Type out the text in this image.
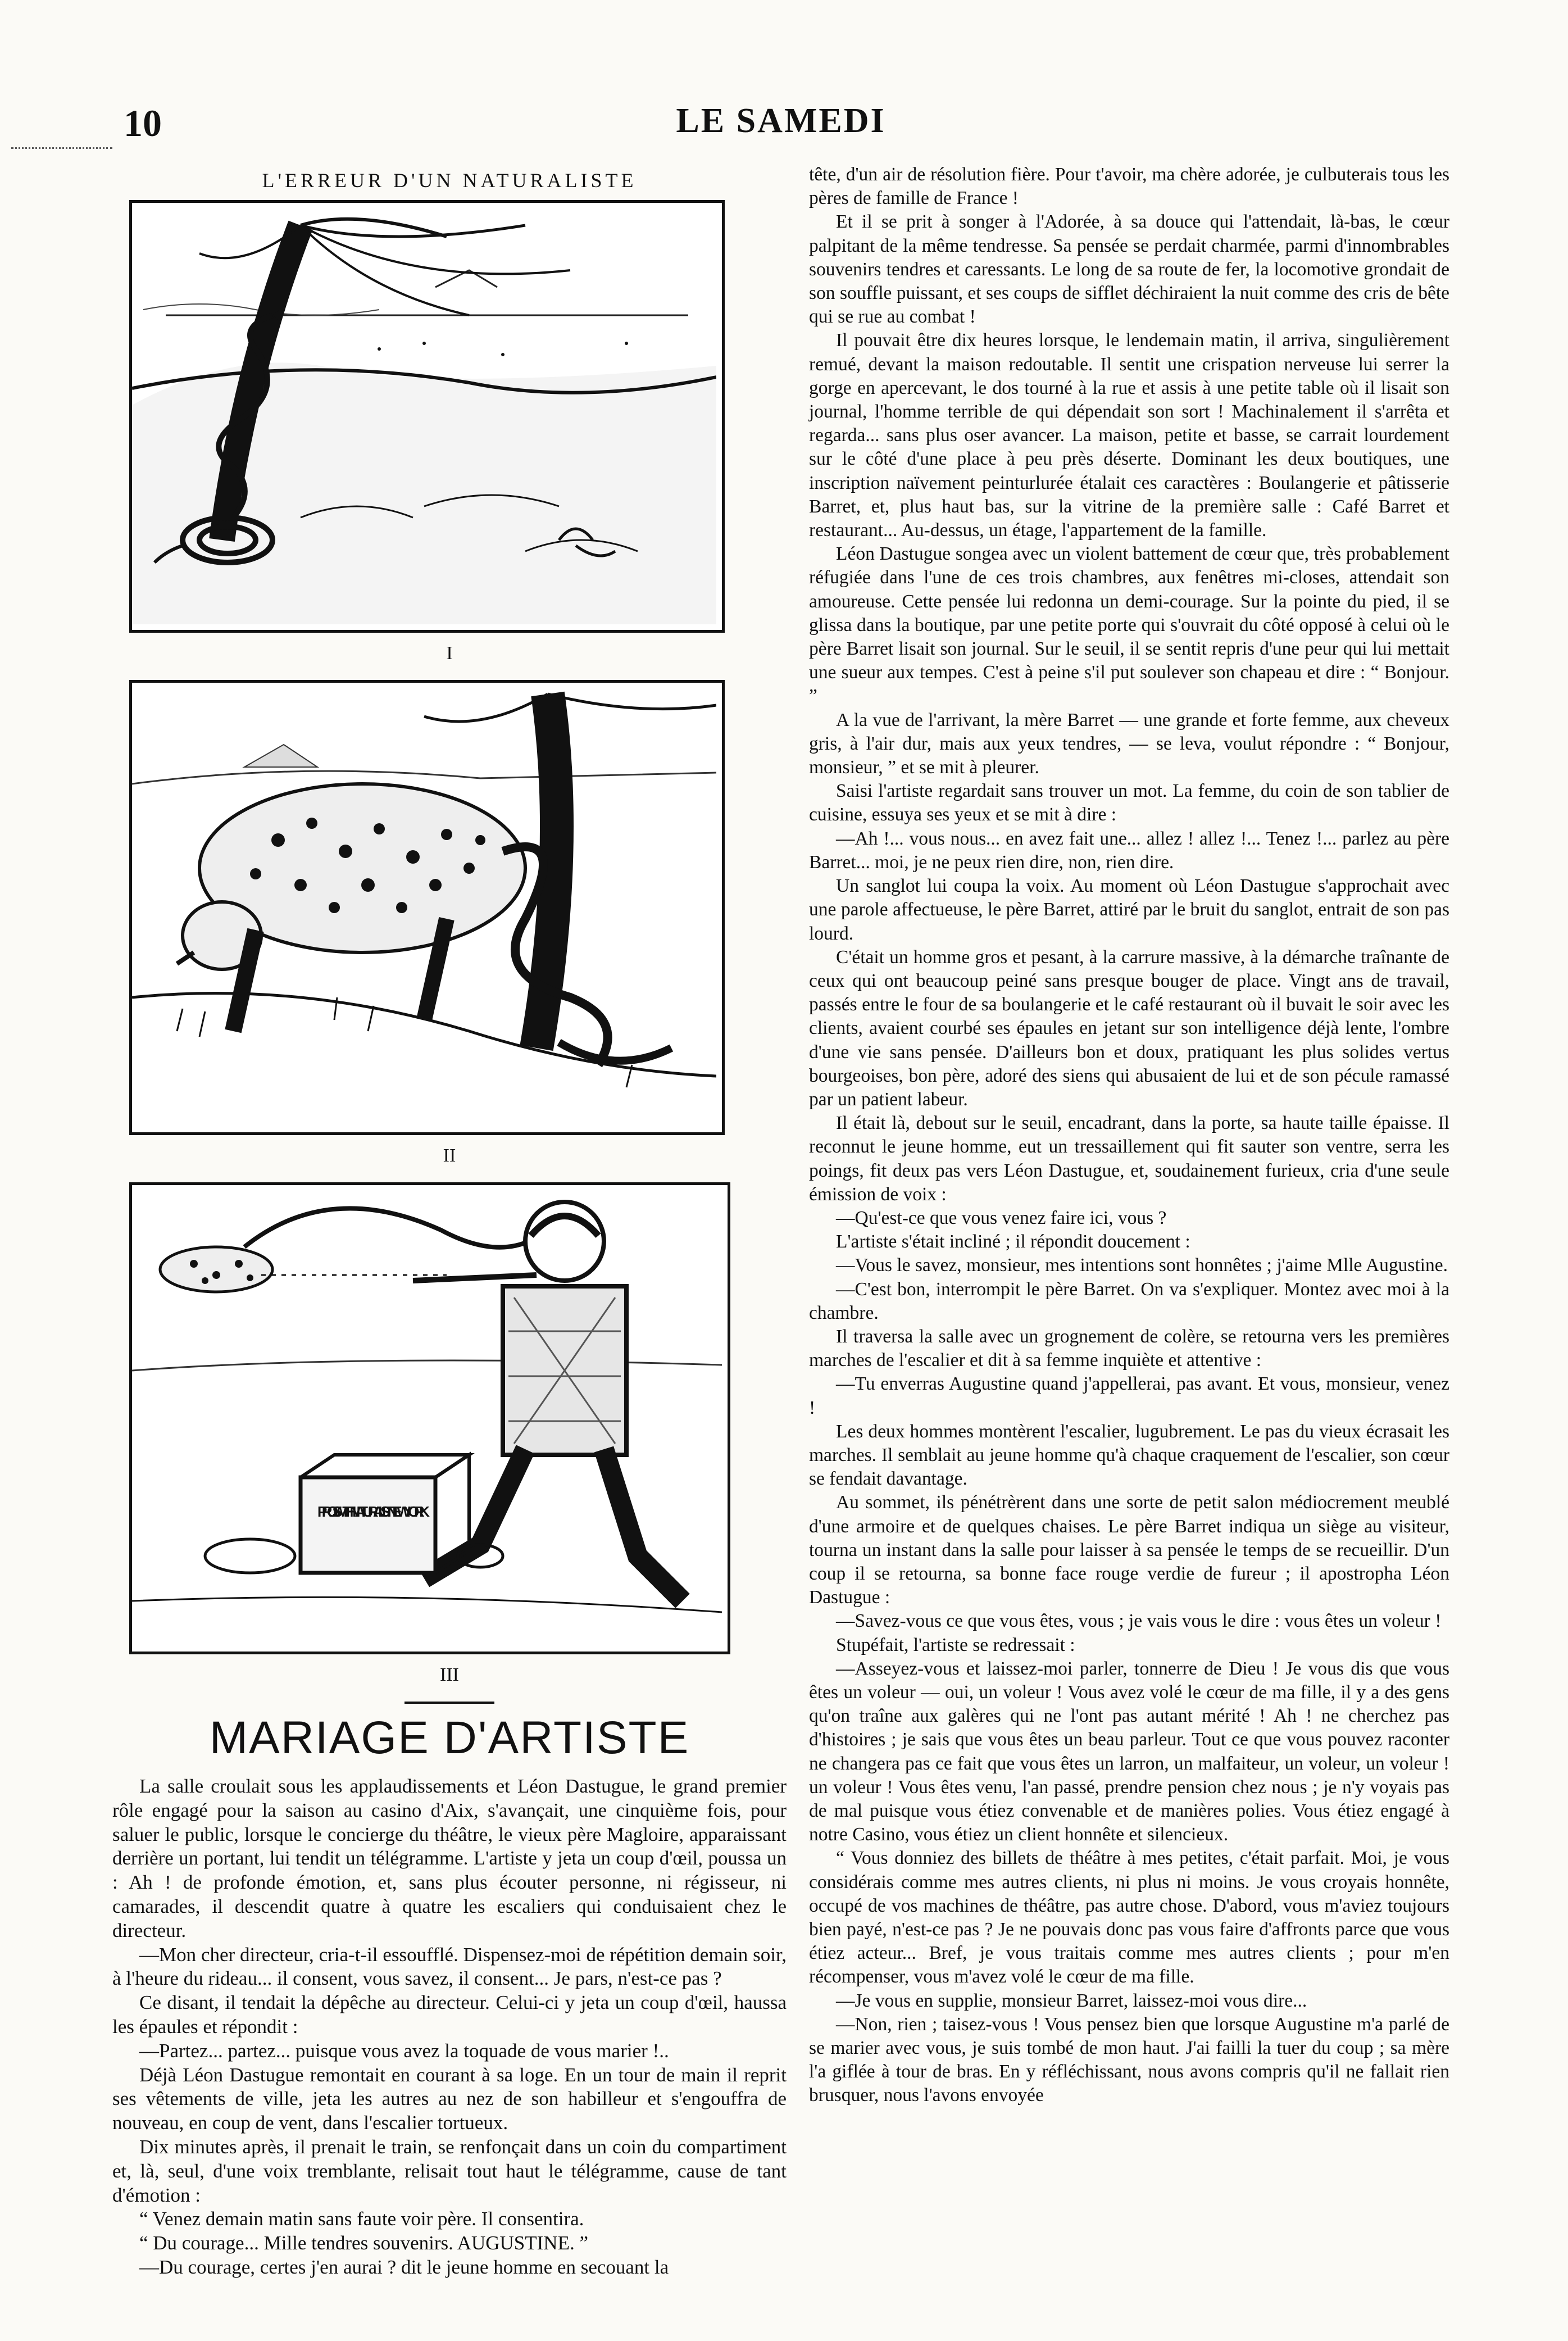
10	LE SAMEDI
L'ERREUR D'UN NATURALISTE
I
II
PROF. SMITH NATURALIST NEW YORK
III
MARIAGE D'ARTISTE

La salle croulait sous les applaudissements et Léon Dastugue, le grand premier rôle engagé pour la saison au casino d'Aix, s'avançait, une cinquième fois, pour saluer le public, lorsque le concierge du théâtre, le vieux père Magloire, apparaissant derrière un portant, lui tendit un télégramme. L'artiste y jeta un coup d'œil, poussa un : Ah ! de profonde émotion, et, sans plus écouter personne, ni régisseur, ni camarades, il descendit quatre à quatre les escaliers qui conduisaient chez le directeur.

—Mon cher directeur, cria-t-il essoufflé. Dispensez-moi de répétition demain soir, à l'heure du rideau... il consent, vous savez, il consent... Je pars, n'est-ce pas ?

Ce disant, il tendait la dépêche au directeur. Celui-ci y jeta un coup d'œil, haussa les épaules et répondit :

—Partez... partez... puisque vous avez la toquade de vous marier !..

Déjà Léon Dastugue remontait en courant à sa loge. En un tour de main il reprit ses vêtements de ville, jeta les autres au nez de son habilleur et s'engouffra de nouveau, en coup de vent, dans l'escalier tortueux.

Dix minutes après, il prenait le train, se renfonçait dans un coin du compartiment et, là, seul, d'une voix tremblante, relisait tout haut le télégramme, cause de tant d'émotion :

“ Venez demain matin sans faute voir père. Il consentira.

“ Du courage... Mille tendres souvenirs. AUGUSTINE. ”

—Du courage, certes j'en aurai ? dit le jeune homme en secouant la

tête, d'un air de résolution fière. Pour t'avoir, ma chère adorée, je culbuterais tous les pères de famille de France !

Et il se prit à songer à l'Adorée, à sa douce qui l'attendait, là-bas, le cœur palpitant de la même tendresse. Sa pensée se perdait charmée, parmi d'innombrables souvenirs tendres et caressants. Le long de sa route de fer, la locomotive grondait de son souffle puissant, et ses coups de sifflet déchiraient la nuit comme des cris de bête qui se rue au combat !

Il pouvait être dix heures lorsque, le lendemain matin, il arriva, singulièrement remué, devant la maison redoutable. Il sentit une crispation nerveuse lui serrer la gorge en apercevant, le dos tourné à la rue et assis à une petite table où il lisait son journal, l'homme terrible de qui dépendait son sort ! Machinalement il s'arrêta et regarda... sans plus oser avancer. La maison, petite et basse, se carrait lourdement sur le côté d'une place à peu près déserte. Dominant les deux boutiques, une inscription naïvement peinturlurée étalait ces caractères : Boulangerie et pâtisserie Barret, et, plus haut bas, sur la vitrine de la première salle : Café Barret et restaurant... Au-dessus, un étage, l'appartement de la famille.

Léon Dastugue songea avec un violent battement de cœur que, très probablement réfugiée dans l'une de ces trois chambres, aux fenêtres mi-closes, attendait son amoureuse. Cette pensée lui redonna un demi-courage. Sur la pointe du pied, il se glissa dans la boutique, par une petite porte qui s'ouvrait du côté opposé à celui où le père Barret lisait son journal. Sur le seuil, il se sentit repris d'une peur qui lui mettait une sueur aux tempes. C'est à peine s'il put soulever son chapeau et dire : “ Bonjour. ”

A la vue de l'arrivant, la mère Barret — une grande et forte femme, aux cheveux gris, à l'air dur, mais aux yeux tendres, — se leva, voulut répondre : “ Bonjour, monsieur, ” et se mit à pleurer.

Saisi l'artiste regardait sans trouver un mot. La femme, du coin de son tablier de cuisine, essuya ses yeux et se mit à dire :

—Ah !... vous nous... en avez fait une... allez ! allez !... Tenez !... parlez au père Barret... moi, je ne peux rien dire, non, rien dire.

Un sanglot lui coupa la voix. Au moment où Léon Dastugue s'approchait avec une parole affectueuse, le père Barret, attiré par le bruit du sanglot, entrait de son pas lourd.

C'était un homme gros et pesant, à la carrure massive, à la démarche traînante de ceux qui ont beaucoup peiné sans presque bouger de place. Vingt ans de travail, passés entre le four de sa boulangerie et le café restaurant où il buvait le soir avec les clients, avaient courbé ses épaules en jetant sur son intelligence déjà lente, l'ombre d'une vie sans pensée. D'ailleurs bon et doux, pratiquant les plus solides vertus bourgeoises, bon père, adoré des siens qui abusaient de lui et de son pécule ramassé par un patient labeur.

Il était là, debout sur le seuil, encadrant, dans la porte, sa haute taille épaisse. Il reconnut le jeune homme, eut un tressaillement qui fit sauter son ventre, serra les poings, fit deux pas vers Léon Dastugue, et, soudainement furieux, cria d'une seule émission de voix :

—Qu'est-ce que vous venez faire ici, vous ?

L'artiste s'était incliné ; il répondit doucement :

—Vous le savez, monsieur, mes intentions sont honnêtes ; j'aime Mlle Augustine.

—C'est bon, interrompit le père Barret. On va s'expliquer. Montez avec moi à la chambre.

Il traversa la salle avec un grognement de colère, se retourna vers les premières marches de l'escalier et dit à sa femme inquiète et attentive :

—Tu enverras Augustine quand j'appellerai, pas avant. Et vous, monsieur, venez !

Les deux hommes montèrent l'escalier, lugubrement. Le pas du vieux écrasait les marches. Il semblait au jeune homme qu'à chaque craquement de l'escalier, son cœur se fendait davantage.

Au sommet, ils pénétrèrent dans une sorte de petit salon médiocrement meublé d'une armoire et de quelques chaises. Le père Barret indiqua un siège au visiteur, tourna un instant dans la salle pour laisser à sa pensée le temps de se recueillir. D'un coup il se retourna, sa bonne face rouge verdie de fureur ; il apostropha Léon Dastugue :

—Savez-vous ce que vous êtes, vous ; je vais vous le dire : vous êtes un voleur !

Stupéfait, l'artiste se redressait :

—Asseyez-vous et laissez-moi parler, tonnerre de Dieu ! Je vous dis que vous êtes un voleur — oui, un voleur ! Vous avez volé le cœur de ma fille, il y a des gens qu'on traîne aux galères qui ne l'ont pas autant mérité ! Ah ! ne cherchez pas d'histoires ; je sais que vous êtes un beau parleur. Tout ce que vous pouvez raconter ne changera pas ce fait que vous êtes un larron, un malfaiteur, un voleur, un voleur ! un voleur ! Vous êtes venu, l'an passé, prendre pension chez nous ; je n'y voyais pas de mal puisque vous étiez convenable et de manières polies. Vous étiez engagé à notre Casino, vous étiez un client honnête et silencieux.

“ Vous donniez des billets de théâtre à mes petites, c'était parfait. Moi, je vous considérais comme mes autres clients, ni plus ni moins. Je vous croyais honnête, occupé de vos machines de théâtre, pas autre chose. D'abord, vous m'aviez toujours bien payé, n'est-ce pas ? Je ne pouvais donc pas vous faire d'affronts parce que vous étiez acteur... Bref, je vous traitais comme mes autres clients ; pour m'en récompenser, vous m'avez volé le cœur de ma fille.

—Je vous en supplie, monsieur Barret, laissez-moi vous dire...

—Non, rien ; taisez-vous ! Vous pensez bien que lorsque Augustine m'a parlé de se marier avec vous, je suis tombé de mon haut. J'ai failli la tuer du coup ; sa mère l'a giflée à tour de bras. En y réfléchissant, nous avons compris qu'il ne fallait rien brusquer, nous l'avons envoyée
